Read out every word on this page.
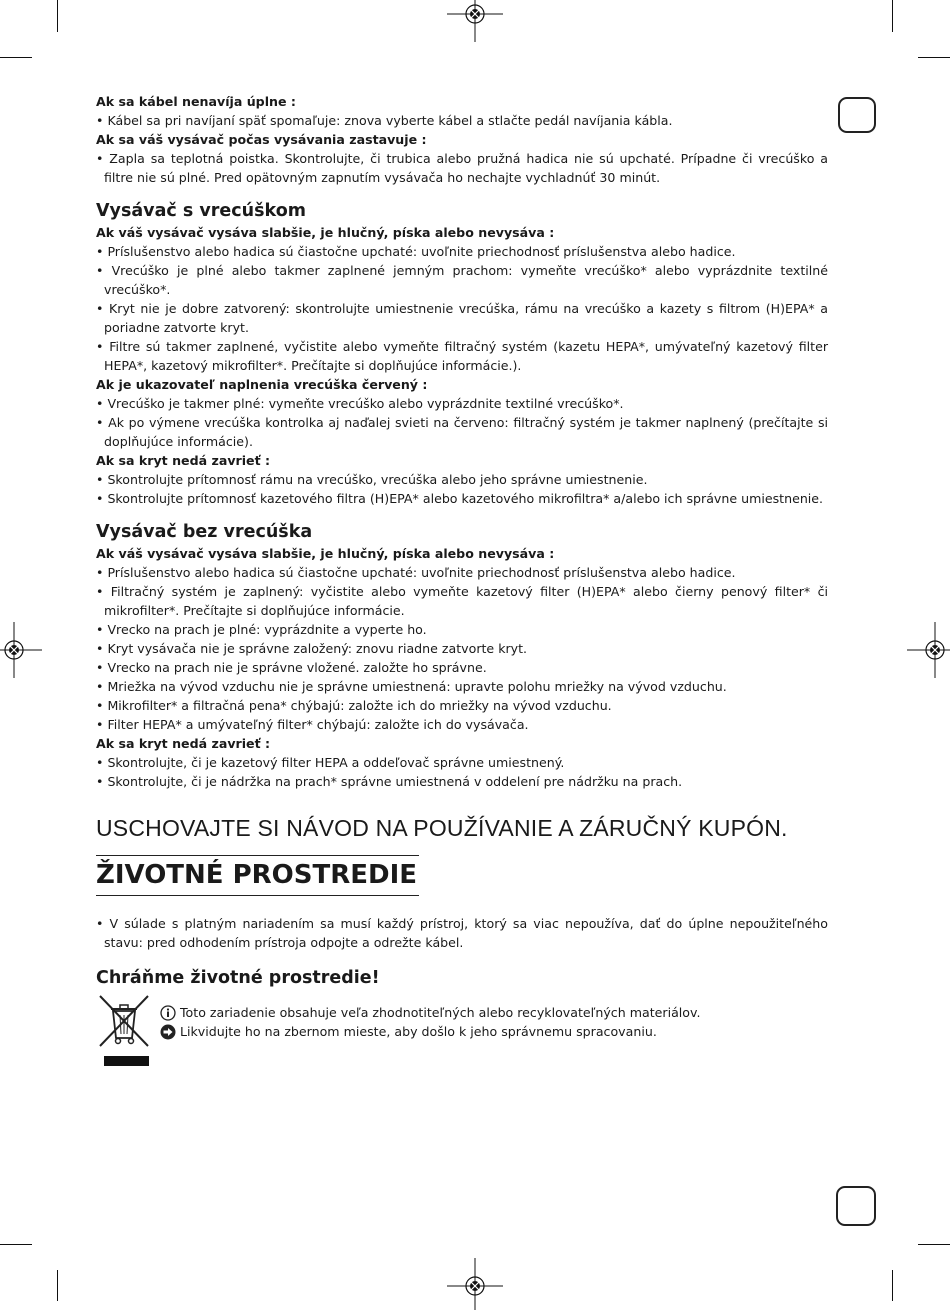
Ak sa kábel nenavíja úplne :
• Kábel sa pri navíjaní späť spomaľuje: znova vyberte kábel a stlačte pedál navíjania kábla.
Ak sa váš vysávač počas vysávania zastavuje :
• Zapla sa teplotná poistka. Skontrolujte, či trubica alebo pružná hadica nie sú upchaté. Prípadne či vrecúško a filtre nie sú plné. Pred opätovným zapnutím vysávača ho nechajte vychladnúť 30 minút.
Vysávač s vrecúškom
Ak váš vysávač vysáva slabšie, je hlučný, píska alebo nevysáva :
• Príslušenstvo alebo hadica sú čiastočne upchaté: uvoľnite priechodnosť príslušenstva alebo hadice.
• Vrecúško je plné alebo takmer zaplnené jemným prachom: vymeňte vrecúško* alebo vyprázdnite textilné vrecúško*.
• Kryt nie je dobre zatvorený: skontrolujte umiestnenie vrecúška, rámu na vrecúško a kazety s filtrom (H)EPA* a poriadne zatvorte kryt.
• Filtre sú takmer zaplnené, vyčistite alebo vymeňte filtračný systém (kazetu HEPA*, umývateľný kazetový filter HEPA*, kazetový mikrofilter*. Prečítajte si doplňujúce informácie.).
Ak je ukazovateľ naplnenia vrecúška červený :
• Vrecúško je takmer plné: vymeňte vrecúško alebo vyprázdnite textilné vrecúško*.
• Ak po výmene vrecúška kontrolka aj naďalej svieti na červeno: filtračný systém je takmer naplnený (prečítajte si doplňujúce informácie).
Ak sa kryt nedá zavrieť :
• Skontrolujte prítomnosť rámu na vrecúško, vrecúška alebo jeho správne umiestnenie.
• Skontrolujte prítomnosť kazetového filtra (H)EPA* alebo kazetového mikrofiltra* a/alebo ich správne umiestnenie.
Vysávač bez vrecúška
Ak váš vysávač vysáva slabšie, je hlučný, píska alebo nevysáva :
• Príslušenstvo alebo hadica sú čiastočne upchaté: uvoľnite priechodnosť príslušenstva alebo hadice.
• Filtračný systém je zaplnený: vyčistite alebo vymeňte kazetový filter (H)EPA* alebo čierny penový filter* či mikrofilter*. Prečítajte si doplňujúce informácie.
• Vrecko na prach je plné: vyprázdnite a vyperte ho.
• Kryt vysávača nie je správne založený: znovu riadne zatvorte kryt.
• Vrecko na prach nie je správne vložené. založte ho správne.
• Mriežka na vývod vzduchu nie je správne umiestnená: upravte polohu mriežky na vývod vzduchu.
• Mikrofilter* a filtračná pena* chýbajú: založte ich do mriežky na vývod vzduchu.
• Filter HEPA* a umývateľný filter* chýbajú: založte ich do vysávača.
Ak sa kryt nedá zavrieť :
• Skontrolujte, či je kazetový filter HEPA a oddeľovač správne umiestnený.
• Skontrolujte, či je nádržka na prach* správne umiestnená v oddelení pre nádržku na prach.
USCHOVAJTE SI NÁVOD NA POUŽÍVANIE A ZÁRUČNÝ KUPÓN.
ŽIVOTNÉ PROSTREDIE
• V súlade s platným nariadením sa musí každý prístroj, ktorý sa viac nepoužíva, dať do úplne nepoužiteľného stavu: pred odhodením prístroja odpojte a odrežte kábel.
Chráňme životné prostredie!
Toto zariadenie obsahuje veľa zhodnotiteľných alebo recyklovateľných materiálov.
Likvidujte ho na zbernom mieste, aby došlo k jeho správnemu spracovaniu.
